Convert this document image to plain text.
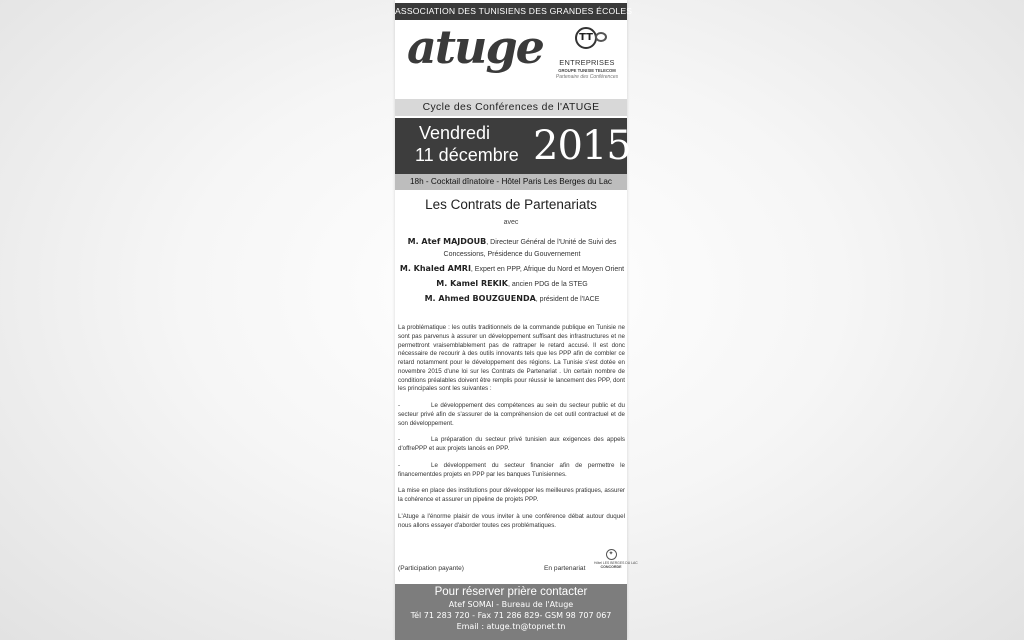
ASSOCIATION DES TUNISIENS DES GRANDES ÉCOLES
atuge	TT
ENTREPRISES
GROUPE TUNISIE TELECOM
Partenaire des Conférences
Cycle des Conférences de l'ATUGE
Vendredi
11 décembre 2015
18h - Cocktail dînatoire - Hôtel Paris Les Berges du Lac
Les Contrats de Partenariats
avec
M. Atef MAJDOUB, Directeur Général de l'Unité de Suivi des Concessions, Présidence du Gouvernement
M. Khaled AMRI, Expert en PPP, Afrique du Nord et Moyen Orient
M. Kamel REKIK, ancien PDG de la STEG
M. Ahmed BOUZGUENDA, président de l'IACE

La problématique : les outils traditionnels de la commande publique en Tunisie ne sont pas parvenus à assurer un développement suffisant des infrastructures et ne permettront vraisemblablement pas de rattraper le retard accusé. Il est donc nécessaire de recourir à des outils innovants tels que les PPP afin de combler ce retard notamment pour le développement des régions. La Tunisie s'est dotée en novembre 2015 d'une loi sur les Contrats de Partenariat . Un certain nombre de conditions préalables doivent être remplis pour réussir le lancement des PPP, dont les principales sont les suivantes :

-	Le développement des compétences au sein du secteur public et du secteur privé afin de s'assurer de la compréhension de cet outil contractuel et de son développement.

-	La préparation du secteur privé tunisien aux exigences des appels d'offrePPP et aux projets lancés en PPP.

-	Le développement du secteur financier afin de permettre le financementdes projets en PPP par les banques Tunisiennes.

La mise en place des institutions pour développer les meilleures pratiques, assurer la cohérence et assurer un pipeline de projets PPP.

L'Atuge a l'énorme plaisir de vous inviter à une conférence débat autour duquel nous allons essayer d'aborder toutes ces problématiques.

(Participation payante)	En partenariat
✦
Hôtel LES BERGES DU LAC
CONCORDE
Pour réserver prière contacter
Atef SOMAI - Bureau de l'Atuge
Tél 71 283 720 - Fax 71 286 829- GSM 98 707 067
Email : atuge.tn@topnet.tn
